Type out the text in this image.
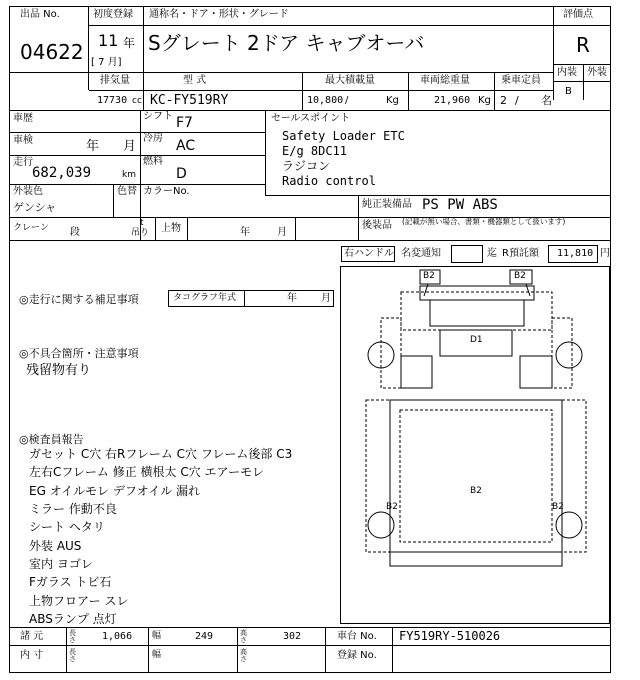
出品 No.	初度登録 通称名・ドア・形状・グレード	評価点
04622 11 年
[ 7 月]
Sグレート 2ドア キャブオーバ	R
内装 外装
B
排気量	型 式	最大積載量	車両総重量	乗車定員
17730 cc KC-FY519RY	10,800 /	Kg	21,960 Kg 2 / 名
車歴	シフト F7
車検	年 月
冷房 AC
走行
682,039	km
燃料
D
外装色
ゲンシャ
色替 カラーNo.
クレーン 段
t
吊り 上物	年	月
セールスポイント
Safety Loader ETC
E/g 8DC11
ラジコン
Radio control
純正装備品 PS PW ABS
後装品 (記載が無い場合、書類・機器類として扱います)
右ハンドル 名変通知	迄 R預託額 11,810 円
◎走行に関する補足事項	タコグラフ年式	年 月
◎不具合箇所・注意事項
残留物有り
◎検査員報告
ガセット C穴 右Rフレーム C穴 フレーム後部 C3
左右Cフレーム 修正 横根太 C穴 エアーモレ
EG オイルモレ デフオイル 漏れ
ミラー 作動不良
シート ヘタリ
外装 AUS
室内 ヨゴレ
Fガラス トビ石
上物フロアー スレ
ABSランプ 点灯
B2	B2
D1
B2
B2
B2
諸 元	長さ	1,066 幅	249	高さ	302	車台 No. FY519RY-510026
内 寸	長さ	幅	高さ	登録 No.
